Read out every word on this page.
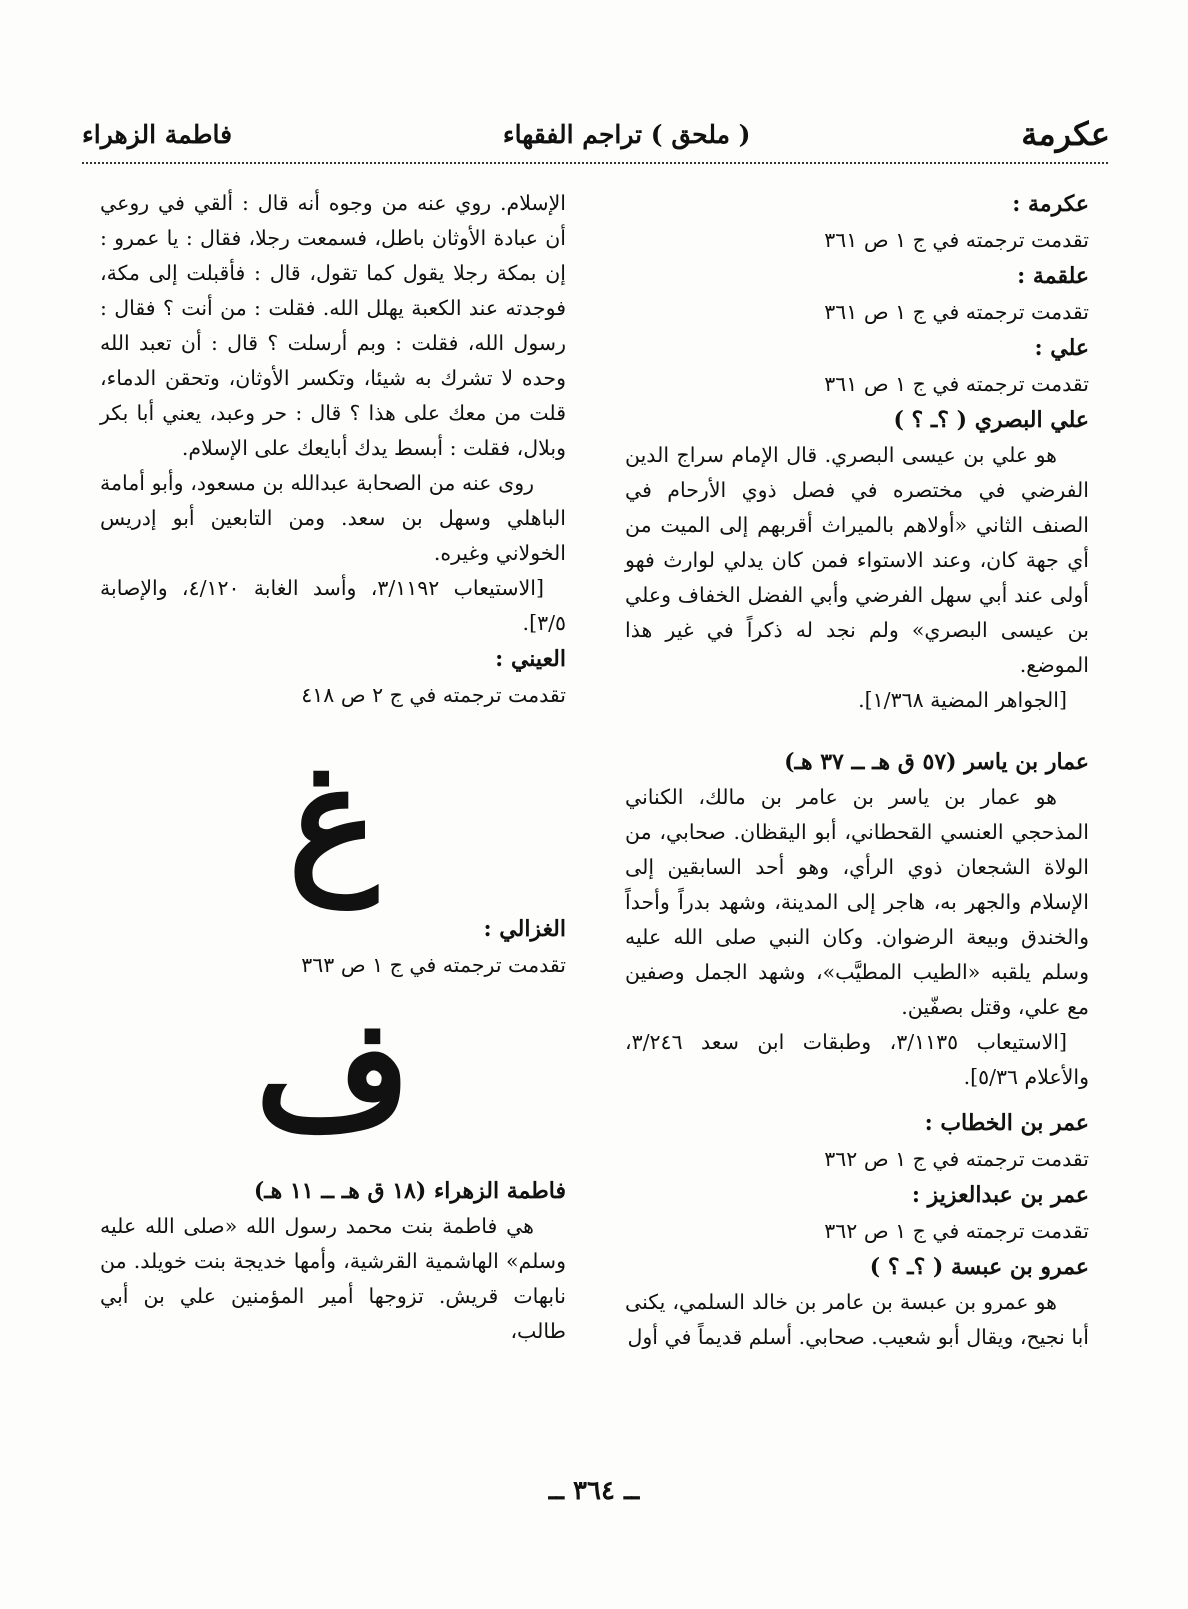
عكرمة
( ملحق ) تراجم الفقهاء
فاطمة الزهراء
عكرمة :
تقدمت ترجمته في ج ١ ص ٣٦١
علقمة :
تقدمت ترجمته في ج ١ ص ٣٦١
علي :
تقدمت ترجمته في ج ١ ص ٣٦١
علي البصري ( ؟ـ ؟ )

هو علي بن عيسى البصري. قال الإمام سراج الدين الفرضي في مختصره في فصل ذوي الأرحام في الصنف الثاني «أولاهم بالميراث أقربهم إلى الميت من أي جهة كان، وعند الاستواء فمن كان يدلي لوارث فهو أولى عند أبي سهل الفرضي وأبي الفضل الخفاف وعلي بن عيسى البصري» ولم نجد له ذكراً في غير هذا الموضع.

[الجواهر المضية ١/٣٦٨].

عمار بن ياسر (٥٧ ق هـ ــ ٣٧ هـ)

هو عمار بن ياسر بن عامر بن مالك، الكناني المذحجي العنسي القحطاني، أبو اليقظان. صحابي، من الولاة الشجعان ذوي الرأي، وهو أحد السابقين إلى الإسلام والجهر به، هاجر إلى المدينة، وشهد بدراً وأحداً والخندق وبيعة الرضوان. وكان النبي صلى الله عليه وسلم يلقبه «الطيب المطيَّب»، وشهد الجمل وصفين مع علي، وقتل بصفّين.

[الاستيعاب ٣/١١٣٥، وطبقات ابن سعد ٣/٢٤٦، والأعلام ٥/٣٦].

عمر بن الخطاب :
تقدمت ترجمته في ج ١ ص ٣٦٢
عمر بن عبدالعزيز :
تقدمت ترجمته في ج ١ ص ٣٦٢
عمرو بن عبسة ( ؟ـ ؟ )

هو عمرو بن عبسة بن عامر بن خالد السلمي، يكنى أبا نجيح، ويقال أبو شعيب. صحابي. أسلم قديماً في أول

الإسلام. روي عنه من وجوه أنه قال : ألقي في روعي أن عبادة الأوثان باطل، فسمعت رجلا، فقال : يا عمرو : إن بمكة رجلا يقول كما تقول، قال : فأقبلت إلى مكة، فوجدته عند الكعبة يهلل الله. فقلت : من أنت ؟ فقال : رسول الله، فقلت : وبم أرسلت ؟ قال : أن تعبد الله وحده لا تشرك به شيئا، وتكسر الأوثان، وتحقن الدماء، قلت من معك على هذا ؟ قال : حر وعبد، يعني أبا بكر وبلال، فقلت : أبسط يدك أبايعك على الإسلام.

روى عنه من الصحابة عبدالله بن مسعود، وأبو أمامة الباهلي وسهل بن سعد. ومن التابعين أبو إدريس الخولاني وغيره.

[الاستيعاب ٣/١١٩٢، وأسد الغابة ٤/١٢٠، والإصابة ٣/٥].

العيني :
تقدمت ترجمته في ج ٢ ص ٤١٨
غ
الغزالي :
تقدمت ترجمته في ج ١ ص ٣٦٣
ف
فاطمة الزهراء (١٨ ق هـ ــ ١١ هـ)

هي فاطمة بنت محمد رسول الله «صلى الله عليه وسلم» الهاشمية القرشية، وأمها خديجة بنت خويلد. من نابهات قريش. تزوجها أمير المؤمنين علي بن أبي طالب،

ــ ٣٦٤ ــ
